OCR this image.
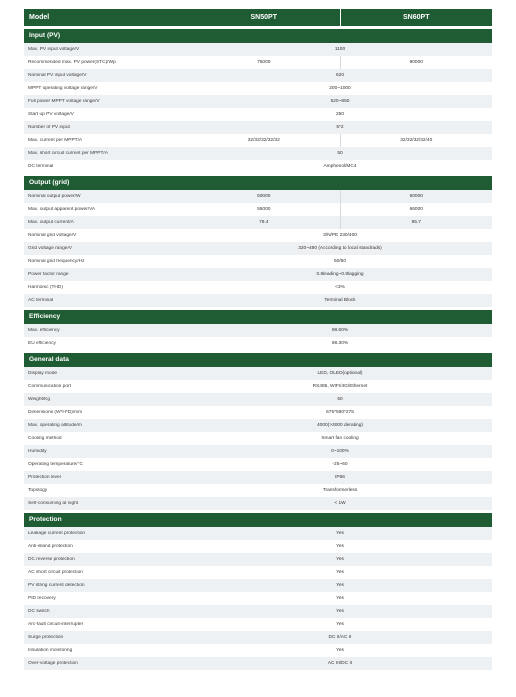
Model	SN50PT	SN60PT
Input (PV)
Max. PV input voltage/V	1100
Recommended max. PV power(STC)/Wp	75000	90000
Nominal PV input voltage/V	620
MPPT operating voltage range/V	200~1000
Full power MPPT voltage range/V	520~850
Start up PV voltage/V	250
Number of PV input	5*2
Max. current per MPPT/A	32/32/32/32/32	32/32/32/32/40
Max. short circuit current per MPPT/A	50
DC terminal	Amphenol/MC4
Output (grid)
Nominal output power/W	50000	60000
Max. output apparent power/VA	55000	66000
Max. output current/A	79.4	95.7
Nominal grid voltage/V	3/N/PE 230/400
Grid voltage range/V	320~480 (According to local standrads)
Nominal grid frequency/Hz	50/60
Power factor range	0.8leading~0.8lagging
Harmonic (THD)	<3%
AC terminal	Terminal Block
Efficiency
Max. efficiency	98.60%
EU efficiency	98.30%
General data
Display mode	LED, OLED(optional)
Communication port	RS485, WIFI/4G/Ethernet
Weight/Kg	50
Dimensions (W*H*D)/mm	675*590*275
Max. operating altitude/m	4000(>3000 derating)
Cooling method	Smart fan cooling
Humidity	0~100%
Operating temperature/°C	-25~60
Protection level	IP66
Topology	Transformerless
Self-consuming at night	< 1W
Protection
Leakage current protection	Yes
Anti-island protection	Yes
DC reverse protection	Yes
AC short circuit protection	Yes
PV string current detection	Yes
PID recovery	Yes
DC switch	Yes
Arc-fault circuit-interrupter	Yes
Surge protection	DC II/AC II
Insulation monitoring	Yes
Over-voltage protection	AC III/DC II
